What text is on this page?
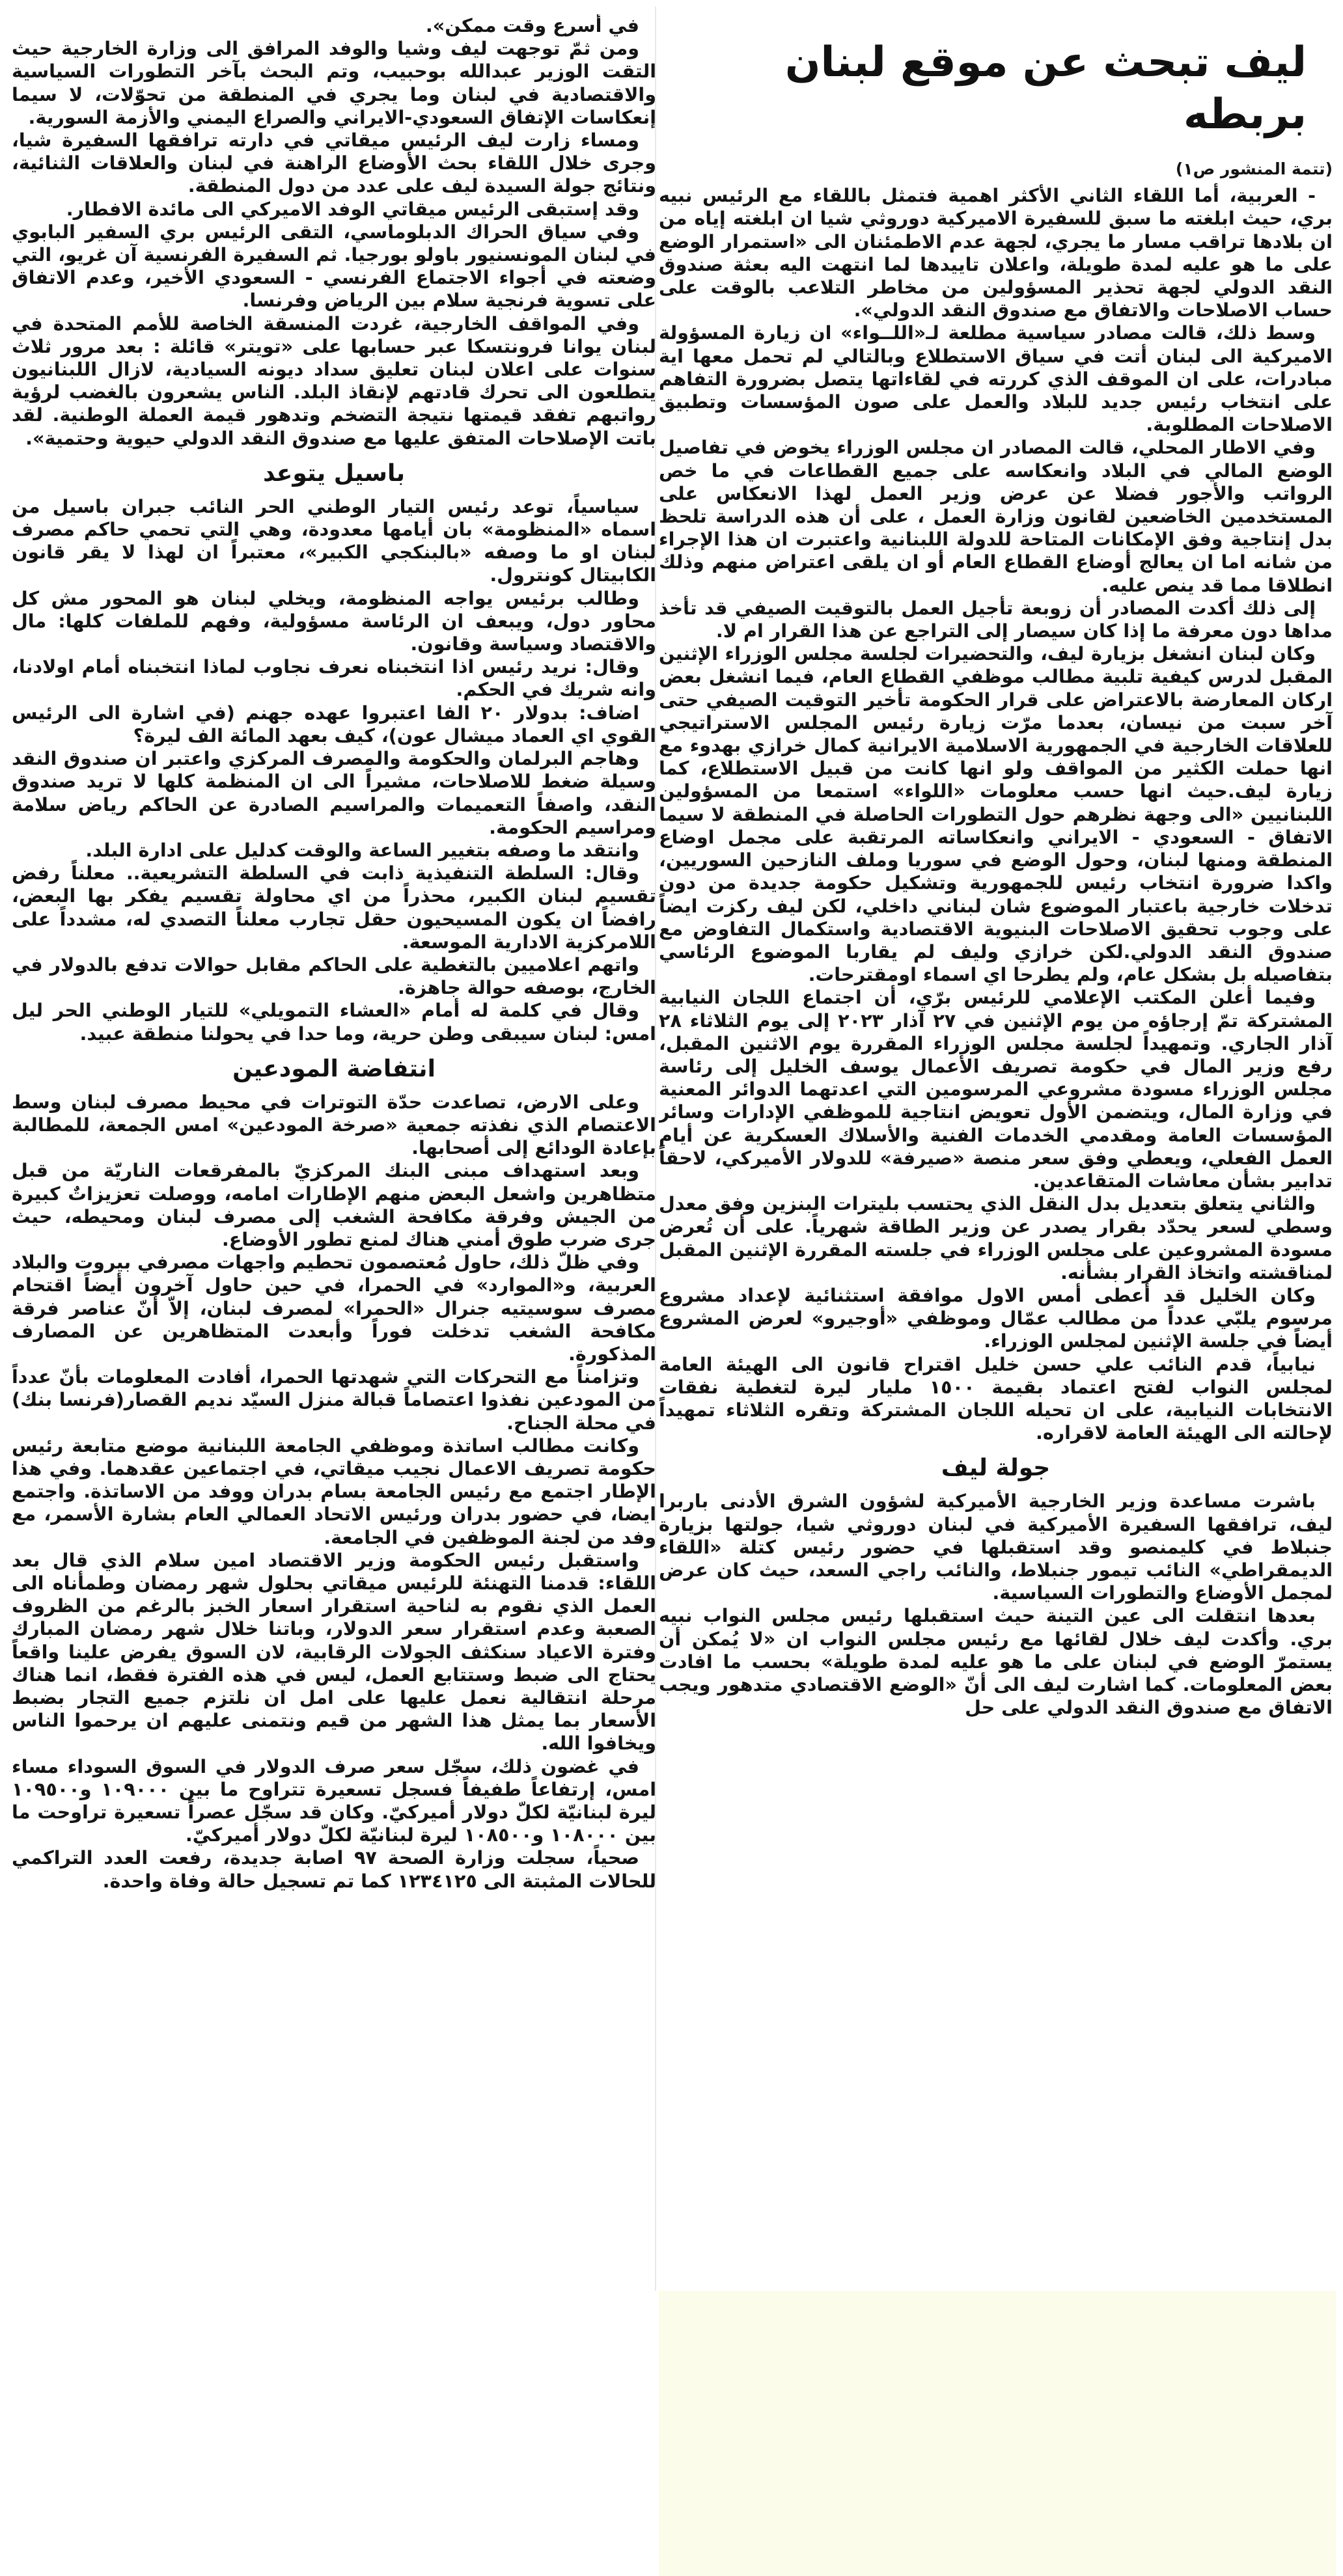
ليف تبحث عن موقع لبنان بربطه
(تتمة المنشور ص١)

- العربية، أما اللقاء الثاني الأكثر اهمية فتمثل باللقاء مع الرئيس نبيه بري، حيث ابلغته ما سبق للسفيرة الاميركية دوروثي شيا ان ابلغته إياه من ان بلادها تراقب مسار ما يجري، لجهة عدم الاطمئنان الى «استمرار الوضع على ما هو عليه لمدة طويلة، واعلان تاييدها لما انتهت اليه بعثة صندوق النقد الدولي لجهة تحذير المسؤولين من مخاطر التلاعب بالوقت على حساب الاصلاحات والاتفاق مع صندوق النقد الدولي».

وسط ذلك، قالت مصادر سياسية مطلعة لـ«اللــواء» ان زيارة المسؤولة الاميركية الى لبنان أتت في سياق الاستطلاع وبالتالي لم تحمل معها اية مبادرات، على ان الموقف الذي كررته في لقاءاتها يتصل بضرورة التفاهم على انتخاب رئيس جديد للبلاد والعمل على صون المؤسسات وتطبيق الاصلاحات المطلوبة.

وفي الاطار المحلي، قالت المصادر ان مجلس الوزراء يخوض في تفاصيل الوضع المالي في البلاد وانعكاسه على جميع القطاعات في ما خص الرواتب والأجور فضلا عن عرض وزير العمل لهذا الانعكاس على المستخدمين الخاضعين لقانون وزارة العمل ، على أن هذه الدراسة تلحظ بدل إنتاجية وفق الإمكانات المتاحة للدولة اللبنانية واعتبرت ان هذا الإجراء من شانه اما ان يعالج أوضاع القطاع العام أو ان يلقى اعتراض منهم وذلك انطلاقا مما قد ينص عليه.

إلى ذلك أكدت المصادر أن زوبعة تأجيل العمل بالتوقيت الصيفي قد تأخذ مداها دون معرفة ما إذا كان سيصار إلى التراجع عن هذا القرار ام لا.

وكان لبنان انشغل بزيارة ليف، والتحضيرات لجلسة مجلس الوزراء الإثنين المقبل لدرس كيفية تلبية مطالب موظفي القطاع العام، فيما انشغل بعض اركان المعارضة بالاعتراض على قرار الحكومة تأخير التوقيت الصيفي حتى آخر سبت من نيسان، بعدما مرّت زيارة رئيس المجلس الاستراتيجي للعلاقات الخارجية في الجمهورية الاسلامية الايرانية كمال خرازي بهدوء مع انها حملت الكثير من المواقف ولو انها كانت من قبيل الاستطلاع، كما زيارة ليف.حيث انها حسب معلومات «اللواء» استمعا من المسؤولين اللبنانيين «الى وجهة نظرهم حول التطورات الحاصلة في المنطقة لا سيما الاتفاق - السعودي - الايراني وانعكاساته المرتقبة على مجمل اوضاع المنطقة ومنها لبنان، وحول الوضع في سوريا وملف النازحين السوريين، واكدا ضرورة انتخاب رئيس للجمهورية وتشكيل حكومة جديدة من دون تدخلات خارجية باعتبار الموضوع شان لبناني داخلي، لكن ليف ركزت ايضاً على وجوب تحقيق الاصلاحات البنيوية الاقتصادية واستكمال التفاوض مع صندوق النقد الدولي.لكن خرازي وليف لم يقاربا الموضوع الرئاسي بتفاصيله بل بشكل عام، ولم يطرحا اي اسماء اومقترحات.

وفيما أعلن المكتب الإعلامي للرئيس برّي، أن اجتماع اللجان النيابية المشتركة تمّ إرجاؤه من يوم الإثنين في ٢٧ آذار ٢٠٢٣ إلى يوم الثلاثاء ٢٨ آذار الجاري. وتمهيداً لجلسة مجلس الوزراء المقررة يوم الاثنين المقبل، رفع وزير المال في حكومة تصريف الأعمال يوسف الخليل إلى رئاسة مجلس الوزراء مسودة مشروعي المرسومين التي اعدتهما الدوائر المعنية في وزارة المال، ويتضمن الأول تعويض انتاجية للموظفي الإدارات وسائر المؤسسات العامة ومقدمي الخدمات الفنية والأسلاك العسكرية عن أيام العمل الفعلي، ويعطي وفق سعر منصة «صيرفة» للدولار الأميركي، لاحقاً تدابير بشأن معاشات المتقاعدين.

والثاني يتعلق بتعديل بدل النقل الذي يحتسب بليترات البنزين وفق معدل وسطي لسعر يحدّد بقرار يصدر عن وزير الطاقة شهرياً. على أن تُعرض مسودة المشروعين على مجلس الوزراء في جلسته المقررة الإثنين المقبل لمناقشته واتخاذ القرار بشأنه.

وكان الخليل قد أعطى أمس الاول موافقة استثنائية لإعداد مشروع مرسوم يلبّي عدداً من مطالب عمّال وموظفي «أوجيرو» لعرض المشروع أيضاً في جلسة الإثنين لمجلس الوزراء.

نيابياً، قدم النائب علي حسن خليل اقتراح قانون الى الهيئة العامة لمجلس النواب لفتح اعتماد بقيمة ١٥٠٠ مليار ليرة لتغطية نفقات الانتخابات النيابية، على ان تحيله اللجان المشتركة وتقره الثلاثاء تمهيداً لإحالته الى الهيئة العامة لاقراره.

جولة ليف

باشرت مساعدة وزير الخارجية الأميركية لشؤون الشرق الأدنى باربرا ليف، ترافقها السفيرة الأميركية في لبنان دوروثي شيا، جولتها بزيارة جنبلاط في كليمنصو وقد استقبلها في حضور رئيس كتلة «اللقاء الديمقراطي» النائب تيمور جنبلاط، والنائب راجي السعد، حيث كان عرض لمجمل الأوضاع والتطورات السياسية.

بعدها انتقلت الى عين التينة حيث استقبلها رئيس مجلس النواب نبيه بري. وأكدت ليف خلال لقائها مع رئيس مجلس النواب ان «لا يُمكن أن يستمرّ الوضع في لبنان على ما هو عليه لمدة طويلة» بحسب ما افادت بعض المعلومات. كما اشارت ليف الى أنّ «الوضع الاقتصادي متدهور ويجب الاتفاق مع صندوق النقد الدولي على حل

في أسرع وقت ممكن».

ومن ثمّ توجهت ليف وشيا والوفد المرافق الى وزارة الخارجية حيث التقت الوزير عبدالله بوحبيب، وتم البحث بآخر التطورات السياسية والاقتصادية في لبنان وما يجري في المنطقة من تحوّلات، لا سيما إنعكاسات الإتفاق السعودي-الايراني والصراع اليمني والأزمة السورية.

ومساء زارت ليف الرئيس ميقاتي في دارته ترافقها السفيرة شيا، وجرى خلال اللقاء بحث الأوضاع الراهنة في لبنان والعلاقات الثنائية، ونتائج جولة السيدة ليف على عدد من دول المنطقة.

وقد إستبقى الرئيس ميقاتي الوفد الاميركي الى مائدة الافطار.

وفي سياق الحراك الدبلوماسي، التقى الرئيس بري السفير البابوي في لبنان المونسنيور باولو بورجيا. ثم السفيرة الفرنسية آن غريو، التي وضعته في أجواء الاجتماع الفرنسي - السعودي الأخير، وعدم الاتفاق على تسوية فرنجية سلام بين الرياض وفرنسا.

وفي المواقف الخارجية، غردت المنسقة الخاصة للأمم المتحدة في لبنان يوانا فرونتسكا عبر حسابها على «تويتر» قائلة : بعد مرور ثلاث سنوات على اعلان لبنان تعليق سداد ديونه السيادية، لازال اللبنانيون يتطلعون الى تحرك قادتهم لإنقاذ البلد. الناس يشعرون بالغضب لرؤية رواتبهم تفقد قيمتها نتيجة التضخم وتدهور قيمة العملة الوطنية. لقد باتت الإصلاحات المتفق عليها مع صندوق النقد الدولي حيوية وحتمية».

باسيل يتوعد

سياسياً، توعد رئيس التيار الوطني الحر النائب جبران باسيل من اسماه «المنظومة» بان أيامها معدودة، وهي التي تحمي حاكم مصرف لبنان او ما وصفه «بالبنكجي الكبير»، معتبراً ان لهذا لا يقر قانون الكابيتال كونترول.

وطالب برئيس يواجه المنظومة، ويخلي لبنان هو المحور مش كل محاور دول، ويبعف ان الرئاسة مسؤولية، وفهم للملفات كلها: مال والاقتصاد وسياسة وقانون.

وقال: نريد رئيس اذا انتخبناه نعرف نجاوب لماذا انتخبناه أمام اولادنا، وانه شريك في الحكم.

اضاف: بدولار ٢٠ الفا اعتبروا عهده جهنم (في اشارة الى الرئيس القوي اي العماد ميشال عون)، كيف بعهد المائة الف ليرة؟

وهاجم البرلمان والحكومة والمصرف المركزي واعتبر ان صندوق النقد وسيلة ضغط للاصلاحات، مشيراً الى ان المنظمة كلها لا تريد صندوق النقد، واصفاً التعميمات والمراسيم الصادرة عن الحاكم رياض سلامة ومراسيم الحكومة.

وانتقد ما وصفه بتغيير الساعة والوقت كدليل على ادارة البلد.

وقال: السلطة التنفيذية ذابت في السلطة التشريعية.. معلناً رفض تقسيم لبنان الكبير، محذراً من اي محاولة تقسيم يفكر بها البعض، رافضاً ان يكون المسيحيون حقل تجارب معلناً التصدي له، مشدداً على اللامركزية الادارية الموسعة.

واتهم اعلاميين بالتغطية على الحاكم مقابل حوالات تدفع بالدولار في الخارج، بوصفه حوالة جاهزة.

وقال في كلمة له أمام «العشاء التمويلي» للتيار الوطني الحر ليل امس: لبنان سيبقى وطن حرية، وما حدا في يحولنا منطقة عبيد.

انتفاضة المودعين

وعلى الارض، تصاعدت حدّة التوترات في محيط مصرف لبنان وسط الاعتصام الذي نفذته جمعية «صرخة المودعين» امس الجمعة، للمطالبة بإعادة الودائع إلى أصحابها.

وبعد استهداف مبنى البنك المركزيّ بالمفرقعات الناريّة من قبل متظاهرين واشعل البعض منهم الإطارات امامه، ووصلت تعزيزاتٌ كبيرة من الجيش وفرقة مكافحة الشغب إلى مصرف لبنان ومحيطه، حيث جرى ضرب طوق أمني هناك لمنع تطور الأوضاع.

وفي ظلّ ذلك، حاول مُعتصمون تحطيم واجهات مصرفي بيروت والبلاد العربية، و«الموارد» في الحمرا، في حين حاول آخرون أيضاً اقتحام مصرف سوسيتيه جنرال «الحمرا» لمصرف لبنان، إلاّ أنّ عناصر فرقة مكافحة الشغب تدخلت فوراً وأبعدت المتظاهرين عن المصارف المذكورة.

وتزامناً مع التحركات التي شهدتها الحمرا، أفادت المعلومات بأنّ عدداً من المودعين نفذوا اعتصاماً قبالة منزل السيّد نديم القصار(فرنسا بنك) في محلة الجناح.

وكانت مطالب اساتذة وموظفي الجامعة اللبنانية موضع متابعة رئيس حكومة تصريف الاعمال نجيب ميقاتي، في اجتماعين عقدهما. وفي هذا الإطار اجتمع مع رئيس الجامعة بسام بدران ووفد من الاساتذة. واجتمع ايضا، في حضور بدران ورئيس الاتحاد العمالي العام بشارة الأسمر، مع وفد من لجنة الموظفين في الجامعة.

واستقبل رئيس الحكومة وزير الاقتصاد امين سلام الذي قال بعد اللقاء: قدمنا التهنئة للرئيس ميقاتي بحلول شهر رمضان وطمأناه الى العمل الذي نقوم به لناحية استقرار اسعار الخبز بالرغم من الظروف الصعبة وعدم استقرار سعر الدولار، وباتنا خلال شهر رمضان المبارك وفترة الاعياد سنكثف الجولات الرقابية، لان السوق يفرض علينا واقعاً يحتاج الى ضبط وستتابع العمل، ليس في هذه الفترة فقط، انما هناك مرحلة انتقالية نعمل عليها على امل ان نلتزم جميع التجار بضبط الأسعار بما يمثل هذا الشهر من قيم ونتمنى عليهم ان يرحموا الناس ويخافوا الله.

في غضون ذلك، سجّل سعر صرف الدولار في السوق السوداء مساء امس، إرتفاعاً طفيفاً فسجل تسعيرة تتراوح ما بين ١٠٩٠٠٠ و١٠٩٥٠٠ ليرة لبنانيّة لكلّ دولار أميركيّ. وكان قد سجّل عصراً تسعيرة تراوحت ما بين ١٠٨٠٠٠ و١٠٨٥٠٠ ليرة لبنانيّة لكلّ دولار أميركيّ.

صحياً، سجلت وزارة الصحة ٩٧ اصابة جديدة، رفعت العدد التراكمي للحالات المثبتة الى ١٢٣٤١٢٥ كما تم تسجيل حالة وفاة واحدة.
